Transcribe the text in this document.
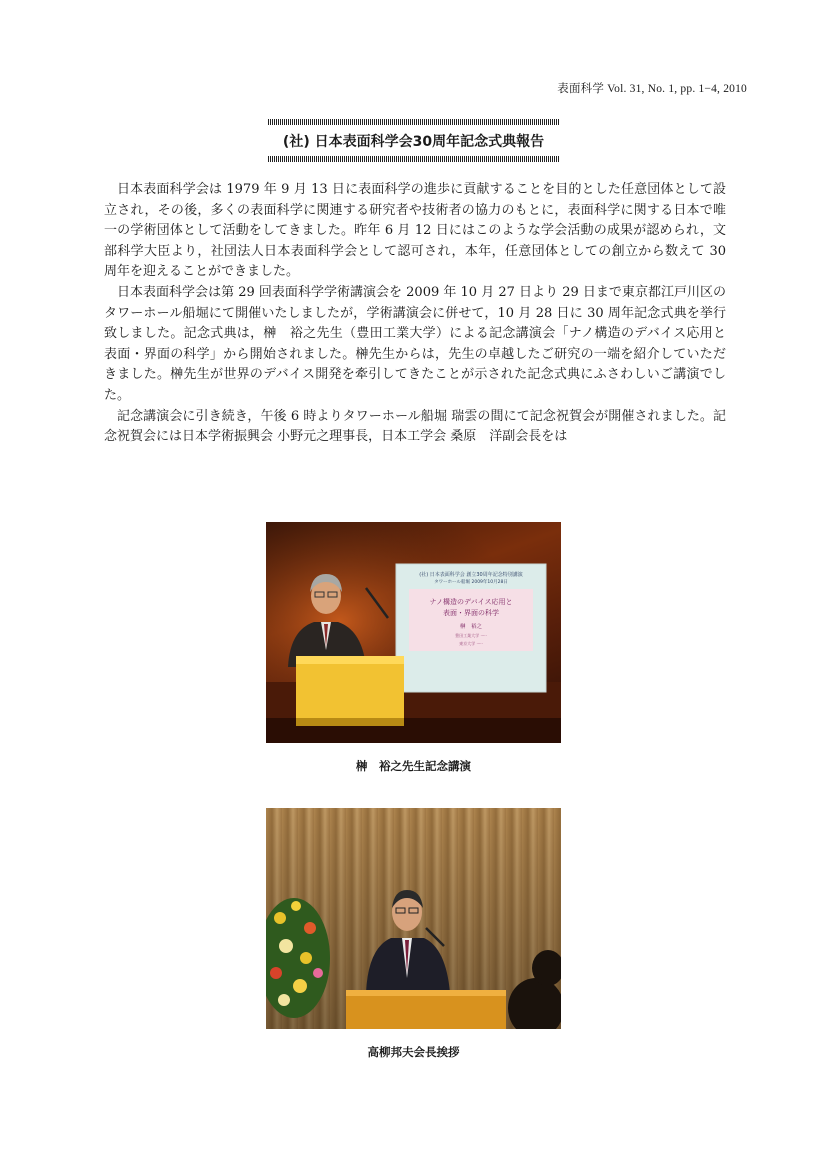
表面科学 Vol. 31, No. 1, pp. 1−4, 2010
(社) 日本表面科学会30周年記念式典報告

日本表面科学会は 1979 年 9 月 13 日に表面科学の進歩に貢献することを目的とした任意団体として設立され，その後，多くの表面科学に関連する研究者や技術者の協力のもとに，表面科学に関する日本で唯一の学術団体として活動をしてきました。昨年 6 月 12 日にはこのような学会活動の成果が認められ，文部科学大臣より，社団法人日本表面科学会として認可され，本年，任意団体としての創立から数えて 30 周年を迎えることができました。

日本表面科学会は第 29 回表面科学学術講演会を 2009 年 10 月 27 日より 29 日まで東京都江戸川区のタワーホール船堀にて開催いたしましたが，学術講演会に併せて，10 月 28 日に 30 周年記念式典を挙行致しました。記念式典は，榊　裕之先生（豊田工業大学）による記念講演会「ナノ構造のデバイス応用と表面・界面の科学」から開始されました。榊先生からは，先生の卓越したご研究の一端を紹介していただきました。榊先生が世界のデバイス開発を牽引してきたことが示された記念式典にふさわしいご講演でした。

記念講演会に引き続き，午後 6 時よりタワーホール船堀 瑞雲の間にて記念祝賀会が開催されました。記念祝賀会には日本学術振興会 小野元之理事長，日本工学会 桑原　洋副会長をは

(社) 日本表面科学会 創立30周年記念特別講演
タワーホール船堀 2009年10月28日
ナノ構造のデバイス応用と
表面・界面の科学
榊　裕之
豊田工業大学 ·····
東京大学 ·····
榊　裕之先生記念講演
高柳邦夫会長挨拶
